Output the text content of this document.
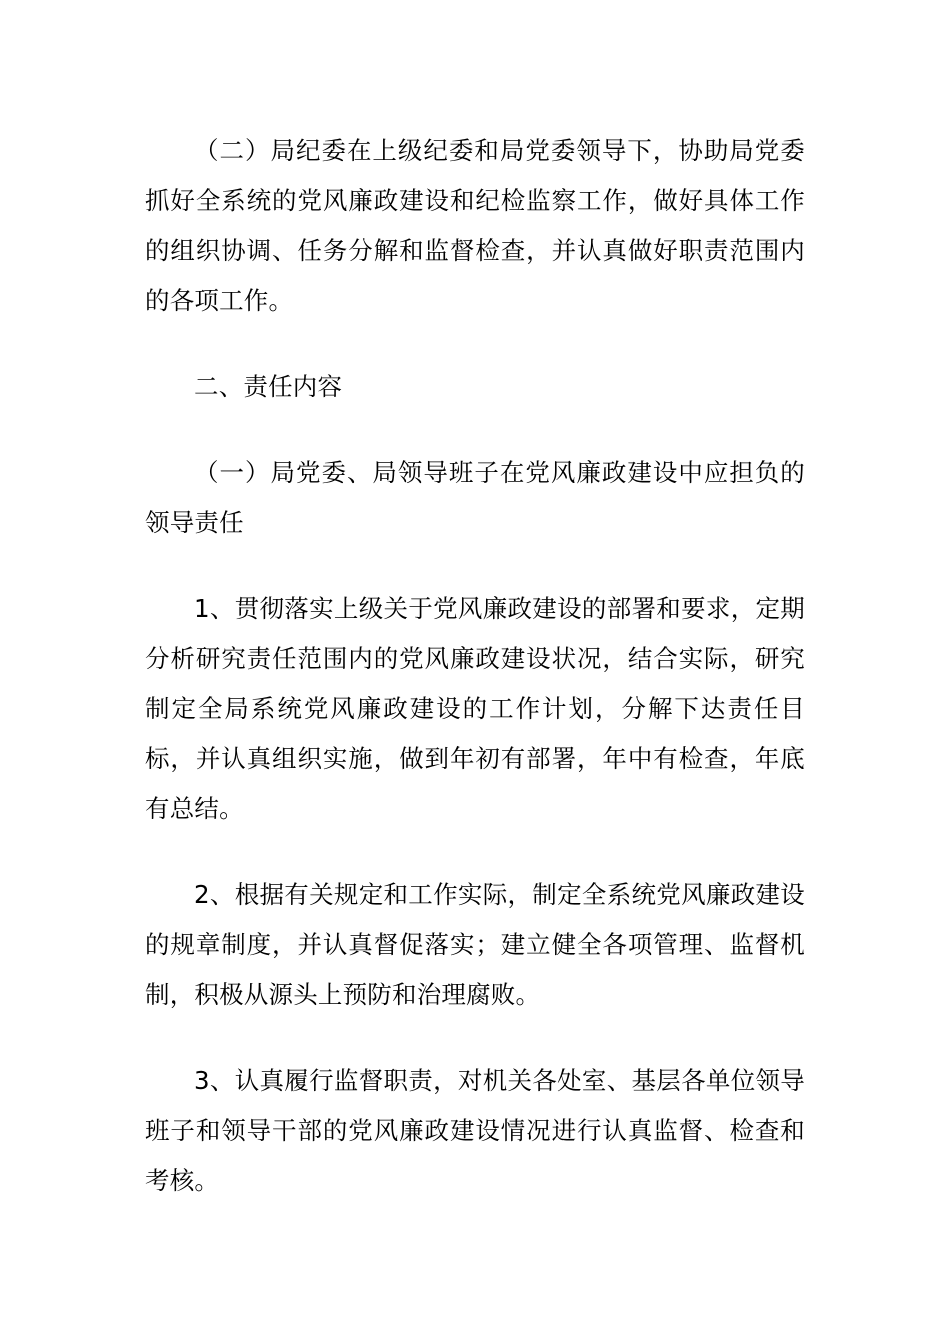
（二）局纪委在上级纪委和局党委领导下，协助局党委抓好全系统的党风廉政建设和纪检监察工作，做好具体工作的组织协调、任务分解和监督检查，并认真做好职责范围内的各项工作。

二、责任内容

（一）局党委、局领导班子在党风廉政建设中应担负的领导责任

1、贯彻落实上级关于党风廉政建设的部署和要求，定期分析研究责任范围内的党风廉政建设状况，结合实际，研究制定全局系统党风廉政建设的工作计划，分解下达责任目标，并认真组织实施，做到年初有部署，年中有检查，年底有总结。

2、根据有关规定和工作实际，制定全系统党风廉政建设的规章制度，并认真督促落实；建立健全各项管理、监督机制，积极从源头上预防和治理腐败。

3、认真履行监督职责，对机关各处室、基层各单位领导班子和领导干部的党风廉政建设情况进行认真监督、检查和考核。
